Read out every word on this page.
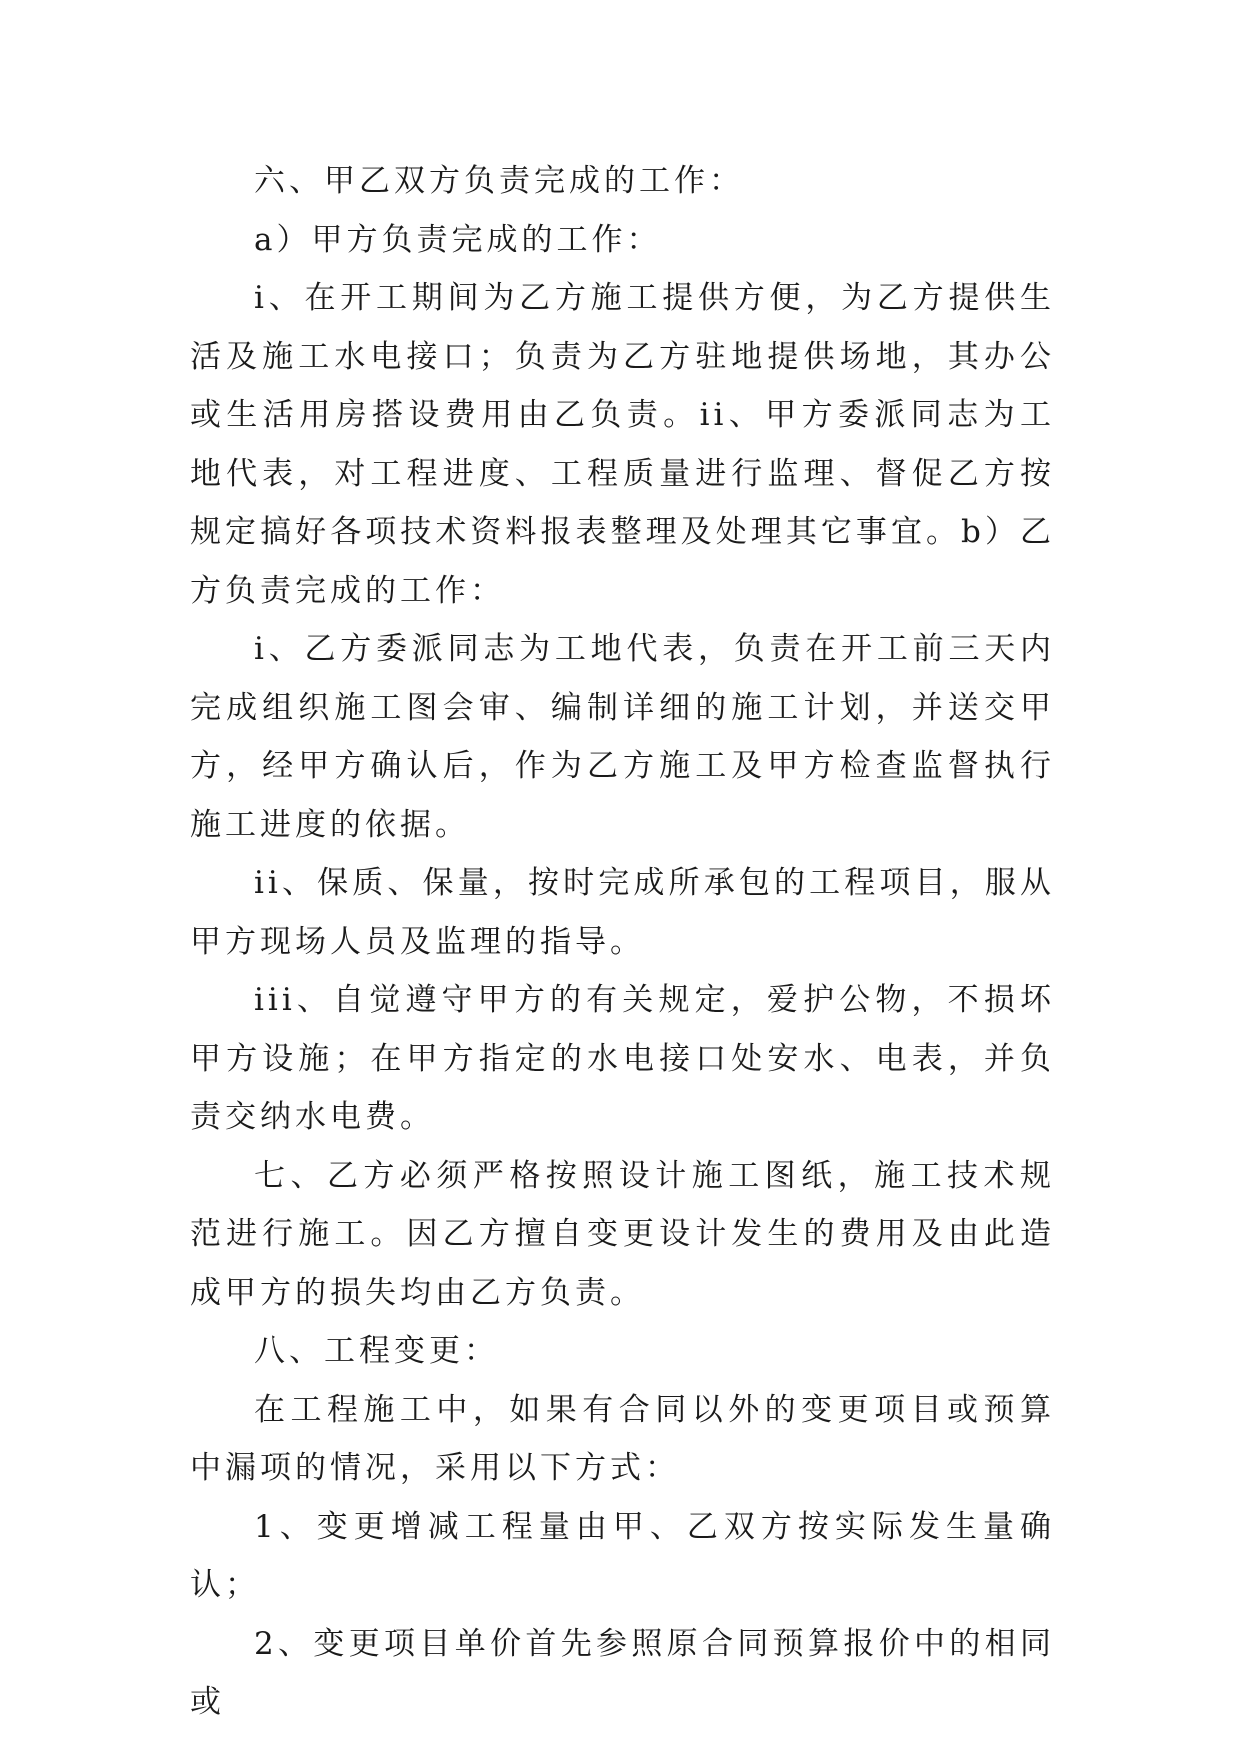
六、甲乙双方负责完成的工作：

a）甲方负责完成的工作：

i、在开工期间为乙方施工提供方便，为乙方提供生活及施工水电接口；负责为乙方驻地提供场地，其办公或生活用房搭设费用由乙负责。ii、甲方委派同志为工地代表，对工程进度、工程质量进行监理、督促乙方按规定搞好各项技术资料报表整理及处理其它事宜。b）乙方负责完成的工作：

i、乙方委派同志为工地代表，负责在开工前三天内完成组织施工图会审、编制详细的施工计划，并送交甲方，经甲方确认后，作为乙方施工及甲方检查监督执行施工进度的依据。

ii、保质、保量，按时完成所承包的工程项目，服从甲方现场人员及监理的指导。

iii、自觉遵守甲方的有关规定，爱护公物，不损坏甲方设施；在甲方指定的水电接口处安水、电表，并负责交纳水电费。

七、乙方必须严格按照设计施工图纸，施工技术规范进行施工。因乙方擅自变更设计发生的费用及由此造成甲方的损失均由乙方负责。

八、工程变更：

在工程施工中，如果有合同以外的变更项目或预算中漏项的情况，采用以下方式：

1、变更增减工程量由甲、乙双方按实际发生量确认；

2、变更项目单价首先参照原合同预算报价中的相同或
